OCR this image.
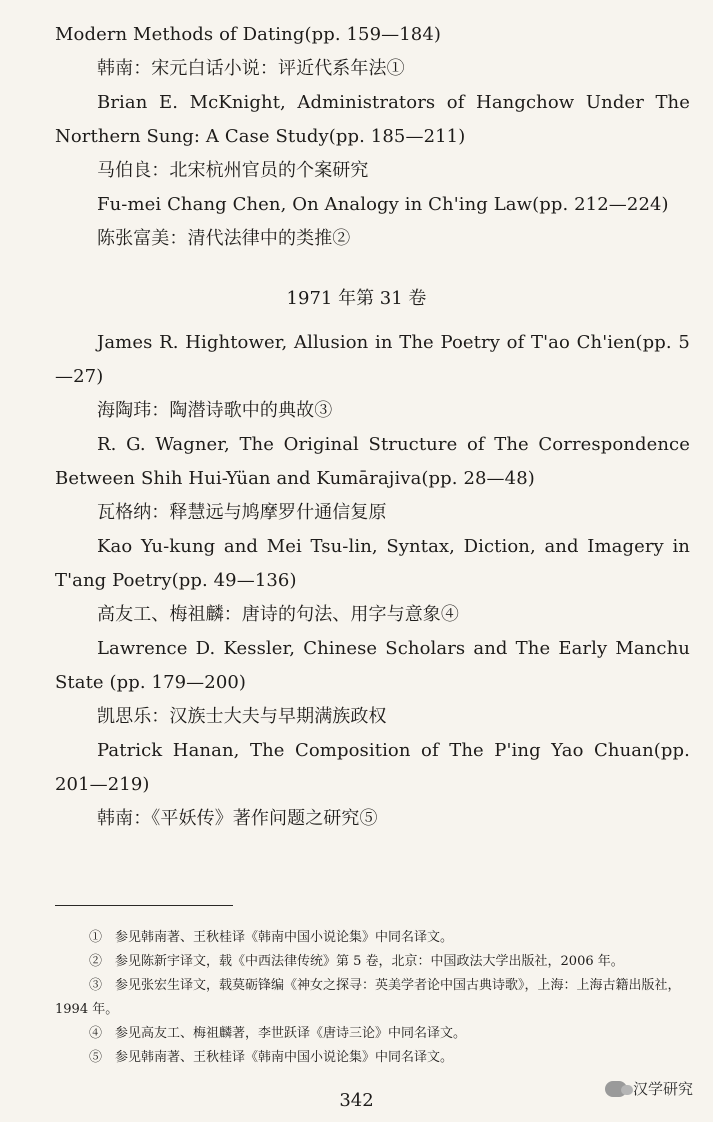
Modern Methods of Dating(pp. 159—184)

韩南：宋元白话小说：评近代系年法①

Brian E. McKnight, Administrators of Hangchow Under The Northern Sung: A Case Study(pp. 185—211)

马伯良：北宋杭州官员的个案研究

Fu-mei Chang Chen, On Analogy in Ch'ing Law(pp. 212—224)

陈张富美：清代法律中的类推②

1971 年第 31 卷

James R. Hightower, Allusion in The Poetry of T'ao Ch'ien(pp. 5—27)

海陶玮：陶潜诗歌中的典故③

R. G. Wagner, The Original Structure of The Correspondence Between Shih Hui-Yüan and Kumārajiva(pp. 28—48)

瓦格纳：释慧远与鸠摩罗什通信复原

Kao Yu-kung and Mei Tsu-lin, Syntax, Diction, and Imagery in T'ang Poetry(pp. 49—136)

高友工、梅祖麟：唐诗的句法、用字与意象④

Lawrence D. Kessler, Chinese Scholars and The Early Manchu State (pp. 179—200)

凯思乐：汉族士大夫与早期满族政权

Patrick Hanan, The Composition of The P'ing Yao Chuan(pp. 201—219)

韩南：《平妖传》著作问题之研究⑤

①　参见韩南著、王秋桂译《韩南中国小说论集》中同名译文。

②　参见陈新宇译文，载《中西法律传统》第 5 卷，北京：中国政法大学出版社，2006 年。

③　参见张宏生译文，载莫砺锋编《神女之探寻：英美学者论中国古典诗歌》，上海：上海古籍出版社，1994 年。

④　参见高友工、梅祖麟著，李世跃译《唐诗三论》中同名译文。

⑤　参见韩南著、王秋桂译《韩南中国小说论集》中同名译文。

342
汉学研究
